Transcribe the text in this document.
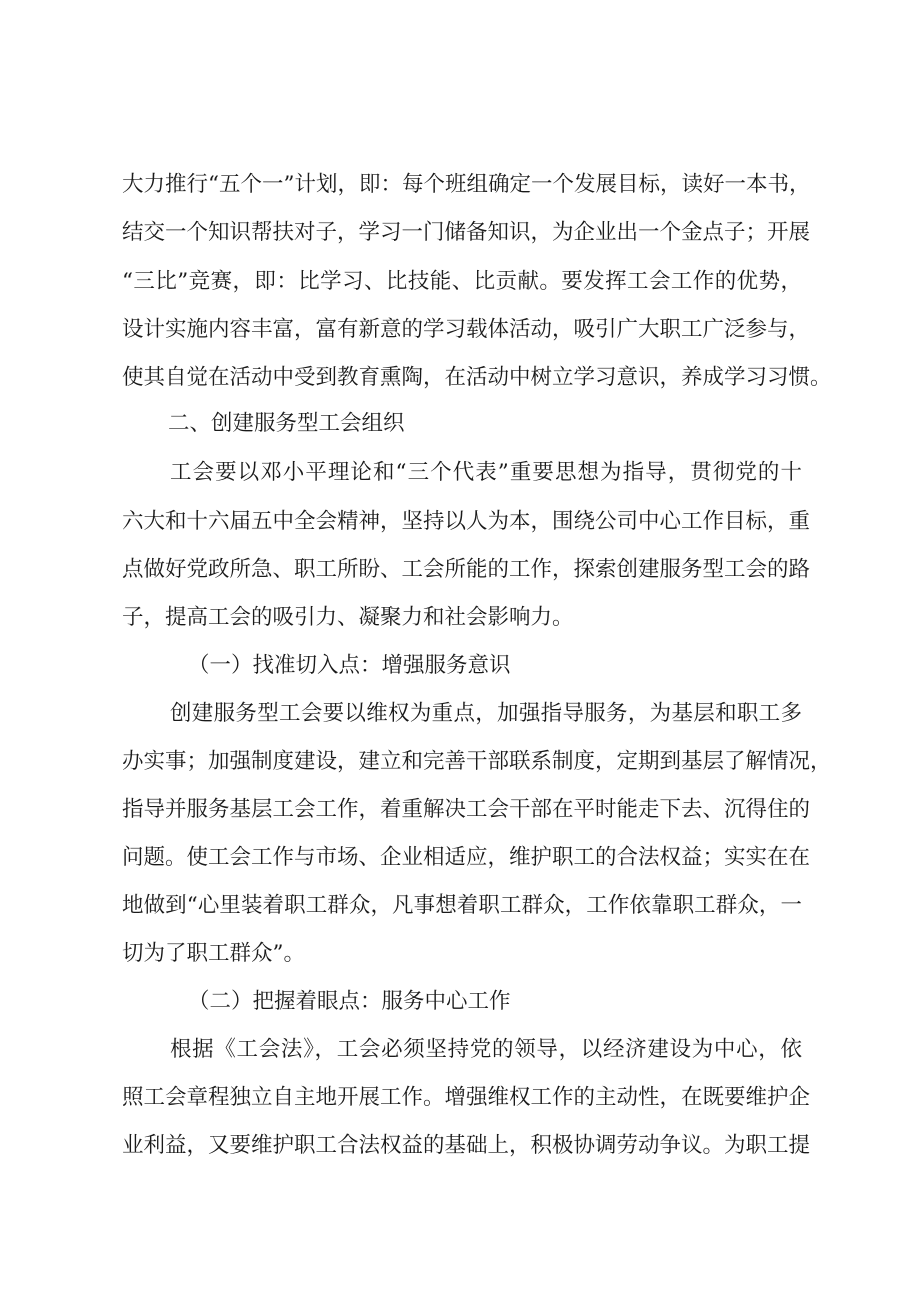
大力推行“五个一”计划，即：每个班组确定一个发展目标，读好一本书，
结交一个知识帮扶对子，学习一门储备知识，为企业出一个金点子；开展
“三比”竞赛，即：比学习、比技能、比贡献。要发挥工会工作的优势，
设计实施内容丰富，富有新意的学习载体活动，吸引广大职工广泛参与，
使其自觉在活动中受到教育熏陶，在活动中树立学习意识，养成学习习惯。
二、创建服务型工会组织
工会要以邓小平理论和“三个代表”重要思想为指导，贯彻党的十
六大和十六届五中全会精神，坚持以人为本，围绕公司中心工作目标，重
点做好党政所急、职工所盼、工会所能的工作，探索创建服务型工会的路
子，提高工会的吸引力、凝聚力和社会影响力。
（一）找准切入点：增强服务意识
创建服务型工会要以维权为重点，加强指导服务，为基层和职工多
办实事；加强制度建设，建立和完善干部联系制度，定期到基层了解情况，
指导并服务基层工会工作，着重解决工会干部在平时能走下去、沉得住的
问题。使工会工作与市场、企业相适应，维护职工的合法权益；实实在在
地做到“心里装着职工群众，凡事想着职工群众，工作依靠职工群众，一
切为了职工群众”。
（二）把握着眼点：服务中心工作
根据《工会法》，工会必须坚持党的领导，以经济建设为中心，依
照工会章程独立自主地开展工作。增强维权工作的主动性，在既要维护企
业利益，又要维护职工合法权益的基础上，积极协调劳动争议。为职工提
